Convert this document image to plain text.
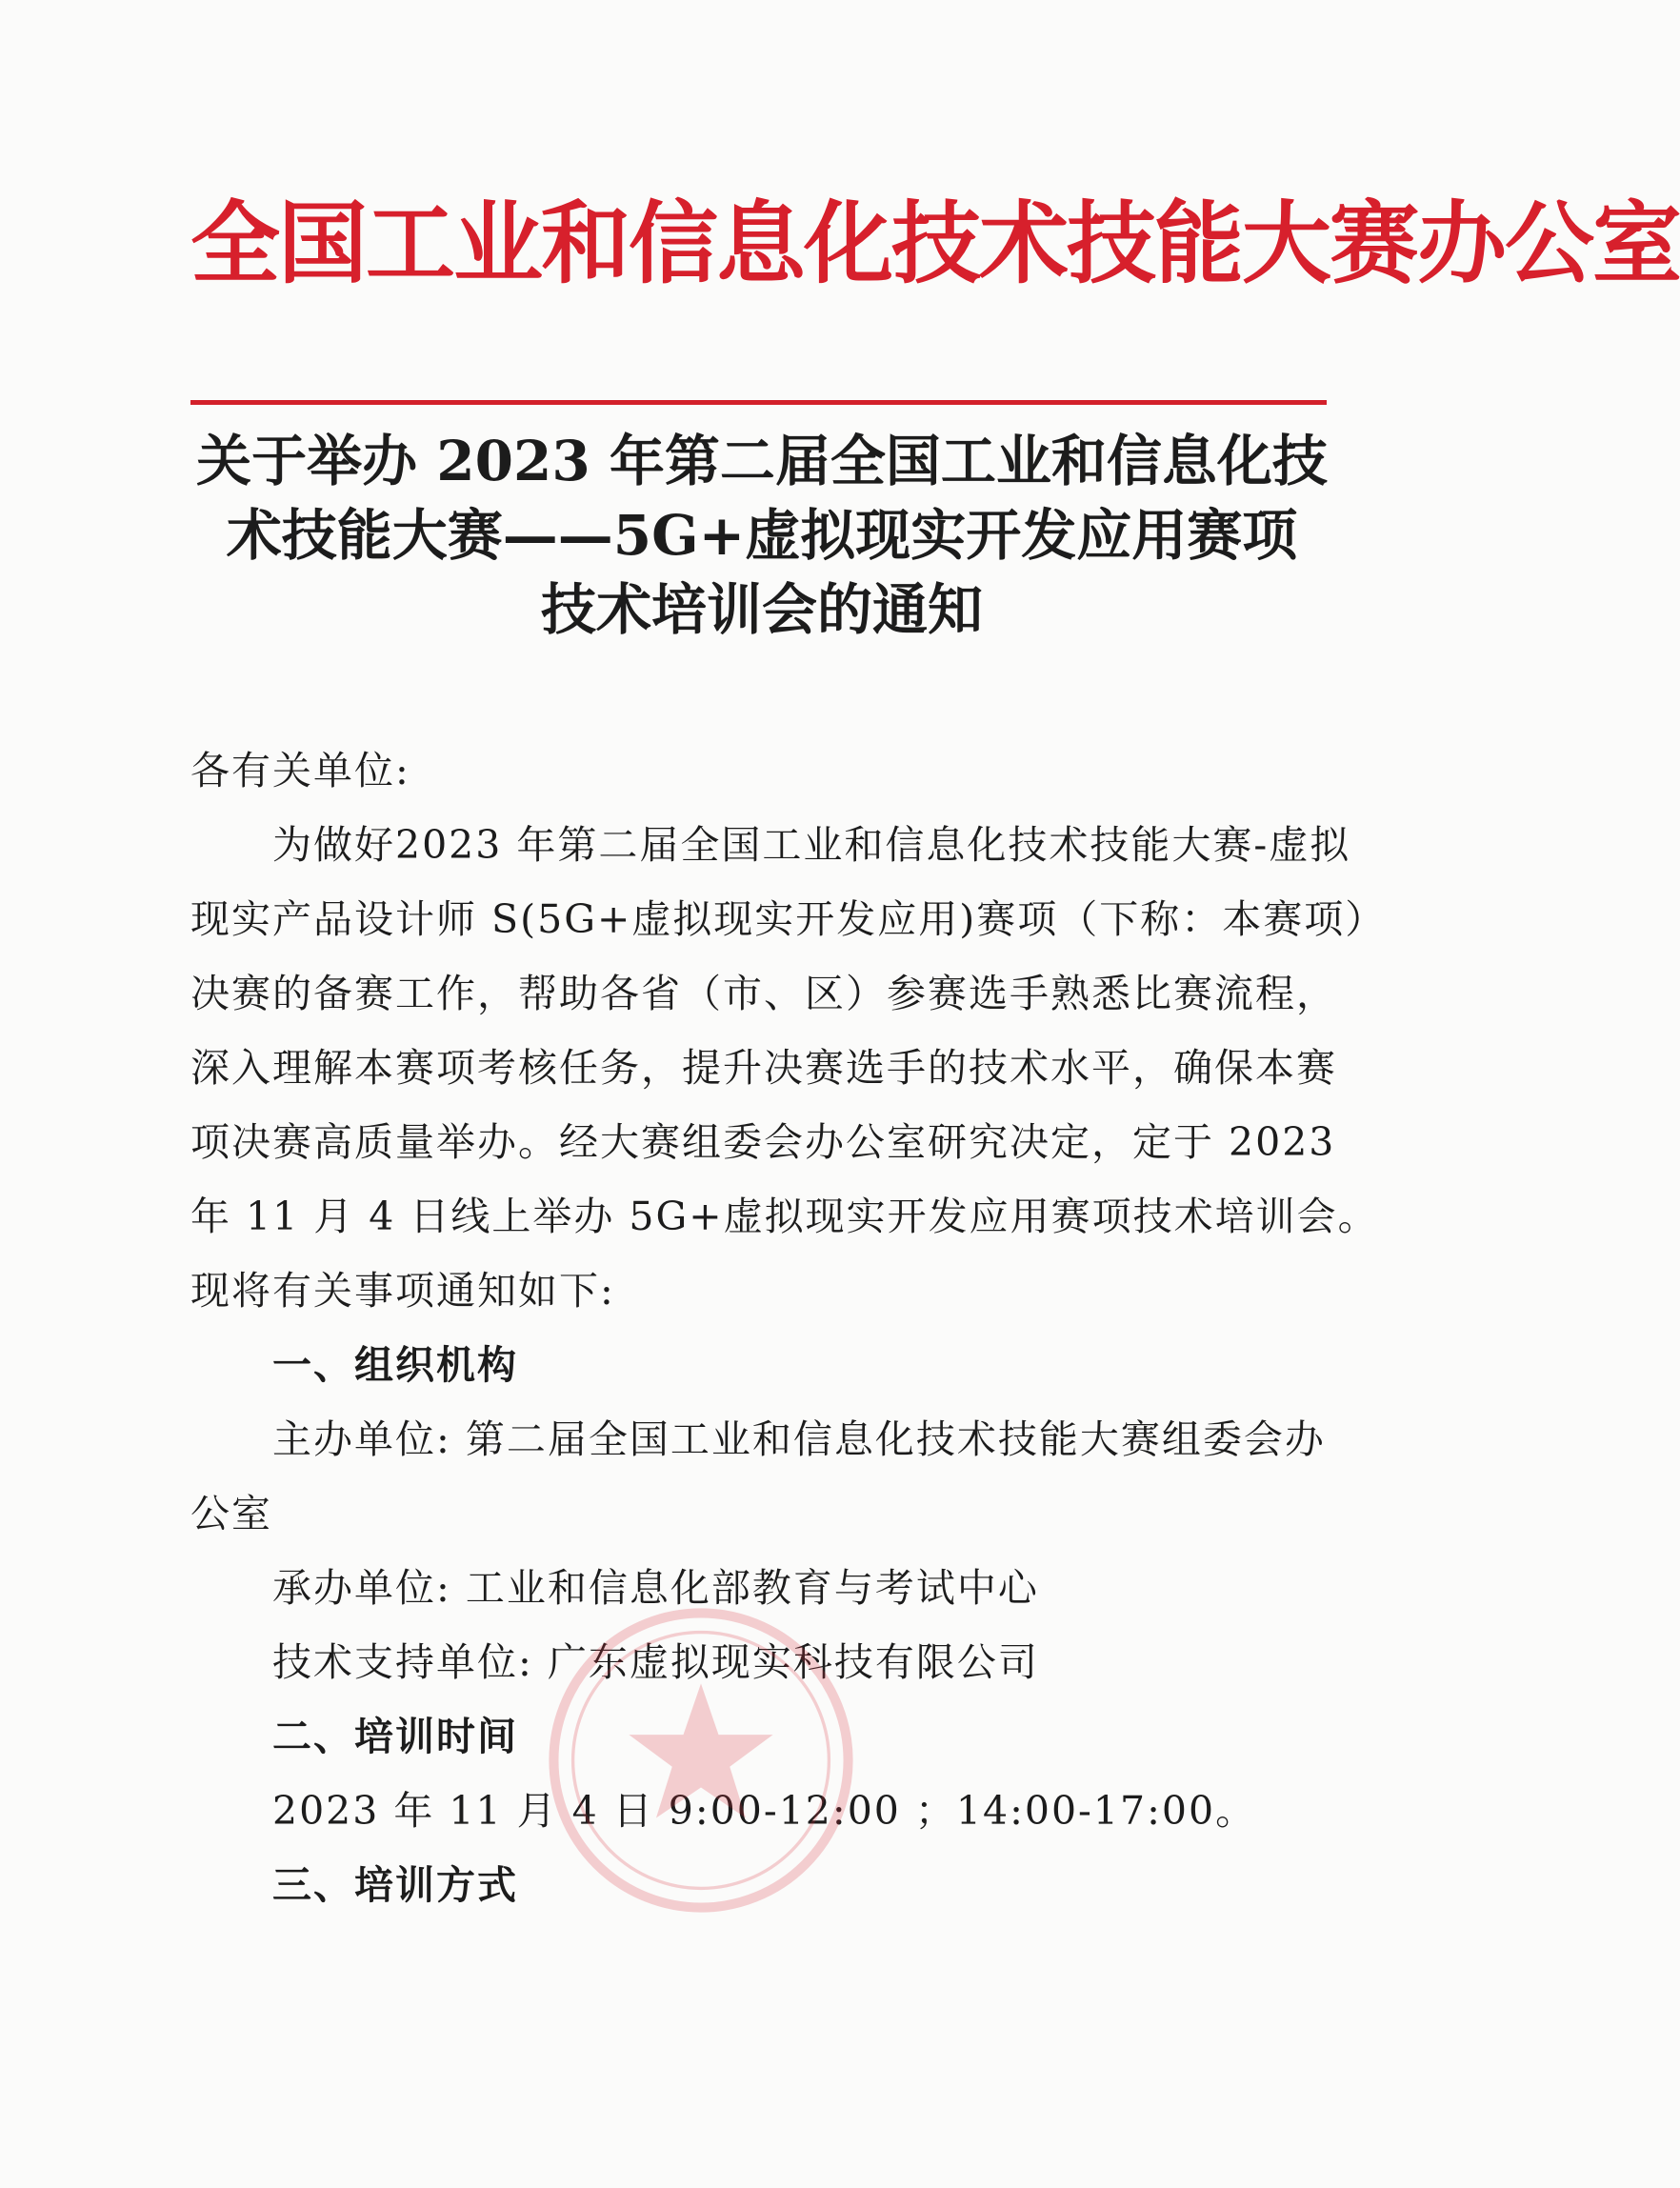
全国工业和信息化技术技能大赛办公室
关于举办 2023 年第二届全国工业和信息化技
术技能大赛——5G+虚拟现实开发应用赛项
技术培训会的通知

各有关单位:

为做好2023 年第二届全国工业和信息化技术技能大赛-虚拟

现实产品设计师 S(5G+虚拟现实开发应用)赛项（下称：本赛项）

决赛的备赛工作，帮助各省（市、区）参赛选手熟悉比赛流程，

深入理解本赛项考核任务，提升决赛选手的技术水平，确保本赛

项决赛高质量举办。经大赛组委会办公室研究决定，定于 2023

年 11 月 4 日线上举办 5G+虚拟现实开发应用赛项技术培训会。

现将有关事项通知如下:

一、组织机构

主办单位: 第二届全国工业和信息化技术技能大赛组委会办

公室

承办单位: 工业和信息化部教育与考试中心

技术支持单位: 广东虚拟现实科技有限公司

二、培训时间

2023 年 11 月 4 日 9:00-12:00 ；14:00-17:00。

三、培训方式
